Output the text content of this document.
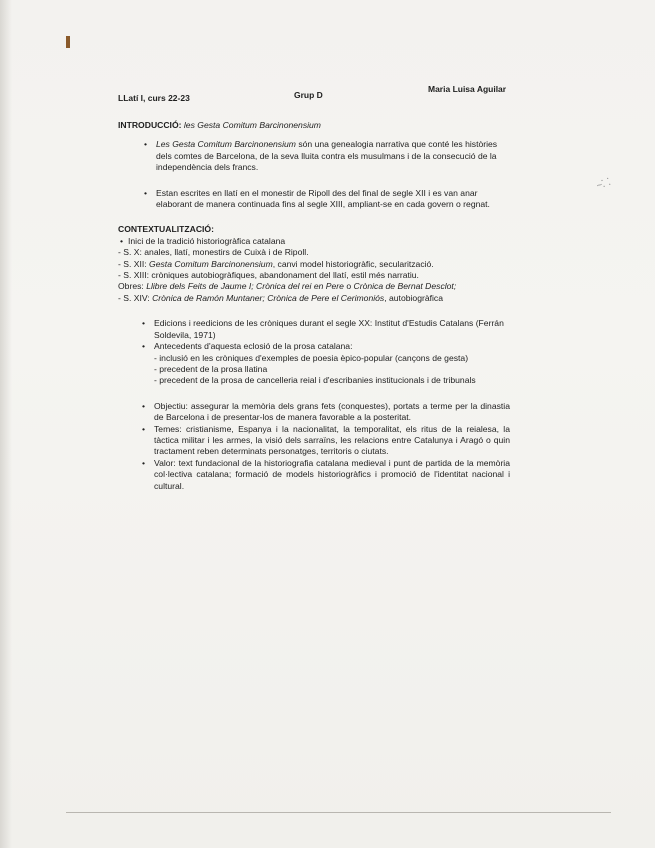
~⸬
LLatí I, curs 22-23	Grup D
Maria Luisa Aguilar

INTRODUCCIÓ: les Gesta Comitum Barcinonensium

• Les Gesta Comitum Barcinonensium són una genealogia narrativa que conté les històries dels comtes de Barcelona, de la seva lluita contra els musulmans i de la consecució de la independència dels francs.
• Estan escrites en llatí en el monestir de Ripoll des del final de segle XII i es van anar elaborant de manera continuada fins al segle XIII, ampliant-se en cada govern o regnat.

CONTEXTUALITZACIÓ:

• Inici de la tradició historiogràfica catalana
- S. X: anales, llatí, monestirs de Cuixà i de Ripoll.
- S. XII: Gesta Comitum Barcinonensium, canvi model historiogràfic, secularització.
- S. XIII: cròniques autobiogràfiques, abandonament del llatí, estil més narratiu.
Obres: Llibre dels Feits de Jaume I; Crònica del rei en Pere o Crònica de Bernat Desclot;
- S. XIV: Crònica de Ramón Muntaner; Crònica de Pere el Cerimoniós, autobiogràfica
• Edicions i reedicions de les cròniques durant el segle XX: Institut d'Estudis Catalans (Ferrán Soldevila, 1971)
• Antecedents d'aquesta eclosió de la prosa catalana:
- inclusió en les cròniques d'exemples de poesia èpico-popular (cançons de gesta)
- precedent de la prosa llatina
- precedent de la prosa de cancelleria reial i d'escribanies institucionals i de tribunals
• Objectiu: assegurar la memòria dels grans fets (conquestes), portats a terme per la dinastia de Barcelona i de presentar-los de manera favorable a la posteritat.
• Temes: cristianisme, Espanya i la nacionalitat, la temporalitat, els ritus de la reialesa, la tàctica militar i les armes, la visió dels sarraïns, les relacions entre Catalunya i Aragó o quin tractament reben determinats personatges, territoris o ciutats.
• Valor: text fundacional de la historiografia catalana medieval i punt de partida de la memòria col·lectiva catalana; formació de models historiogràfics i promoció de l'identitat nacional i cultural.
